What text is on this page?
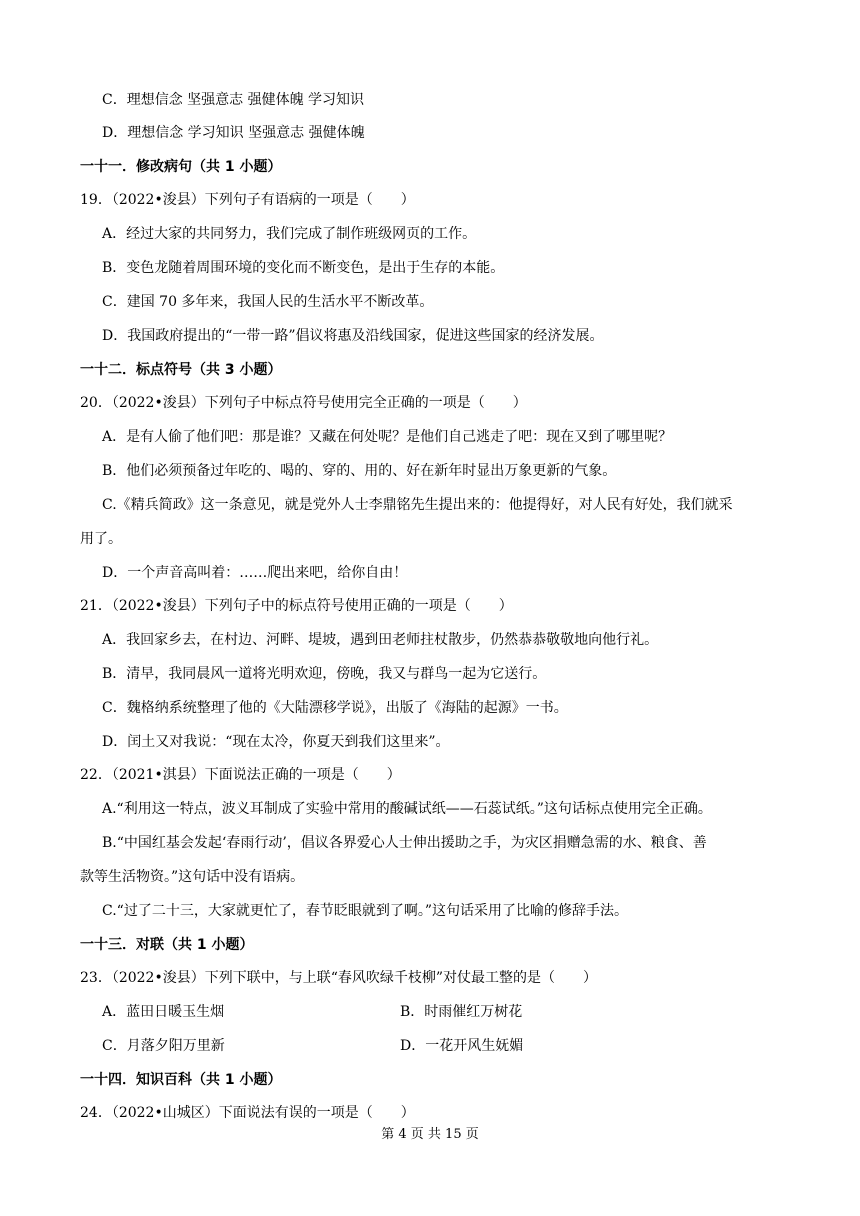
C．理想信念 坚强意志 强健体魄 学习知识
D．理想信念 学习知识 坚强意志 强健体魄
一十一．修改病句（共 1 小题）
19．（2022•浚县）下列句子有语病的一项是（　　）
A．经过大家的共同努力，我们完成了制作班级网页的工作。
B．变色龙随着周围环境的变化而不断变色，是出于生存的本能。
C．建国 70 多年来，我国人民的生活水平不断改革。
D．我国政府提出的“一带一路”倡议将惠及沿线国家，促进这些国家的经济发展。
一十二．标点符号（共 3 小题）
20．（2022•浚县）下列句子中标点符号使用完全正确的一项是（　　）
A．是有人偷了他们吧：那是谁？又藏在何处呢？是他们自己逃走了吧：现在又到了哪里呢？
B．他们必须预备过年吃的、喝的、穿的、用的、好在新年时显出万象更新的气象。
C.《精兵简政》这一条意见，就是党外人士李鼎铭先生提出来的：他提得好，对人民有好处，我们就采
用了。
D．一个声音高叫着：……爬出来吧，给你自由！
21．（2022•浚县）下列句子中的标点符号使用正确的一项是（　　）
A．我回家乡去，在村边、河畔、堤坡，遇到田老师拄杖散步，仍然恭恭敬敬地向他行礼。
B．清早，我同晨风一道将光明欢迎，傍晚，我又与群鸟一起为它送行。
C．魏格纳系统整理了他的《大陆漂移学说》，出版了《海陆的起源》一书。
D．闰土又对我说：“现在太冷，你夏天到我们这里来”。
22．（2021•淇县）下面说法正确的一项是（　　）
A.“利用这一特点，波义耳制成了实验中常用的酸碱试纸——石蕊试纸。”这句话标点使用完全正确。
B.“中国红基会发起‘春雨行动’，倡议各界爱心人士伸出援助之手，为灾区捐赠急需的水、粮食、善
款等生活物资。”这句话中没有语病。
C.“过了二十三，大家就更忙了，春节眨眼就到了啊。”这句话采用了比喻的修辞手法。
一十三．对联（共 1 小题）
23．（2022•浚县）下列下联中，与上联“春风吹绿千枝柳”对仗最工整的是（　　）
A．蓝田日暖玉生烟	B．时雨催红万树花
C．月落夕阳万里新	D．一花开风生妩媚
一十四．知识百科（共 1 小题）
24．（2022•山城区）下面说法有误的一项是（　　）
第 4 页 共 15 页
